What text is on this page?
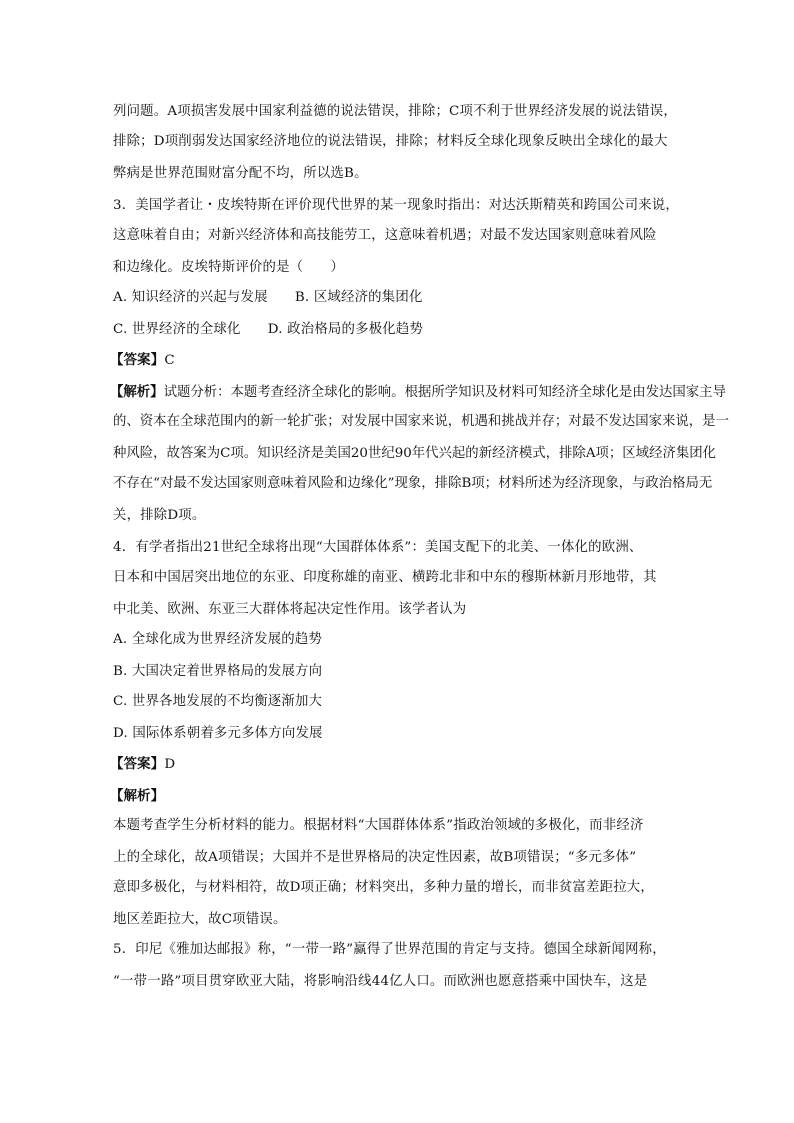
列问题。A项损害发展中国家利益德的说法错误，排除；C项不利于世界经济发展的说法错误，
排除；D项削弱发达国家经济地位的说法错误，排除；材料反全球化现象反映出全球化的最大
弊病是世界范围财富分配不均，所以选B。
3．美国学者让・皮埃特斯在评价现代世界的某一现象时指出：对达沃斯精英和跨国公司来说，
这意味着自由；对新兴经济体和高技能劳工，这意味着机遇；对最不发达国家则意味着风险
和边缘化。皮埃特斯评价的是（　　）
A. 知识经济的兴起与发展　　B. 区域经济的集团化
C. 世界经济的全球化　　D. 政治格局的多极化趋势
【答案】C
【解析】试题分析：本题考查经济全球化的影响。根据所学知识及材料可知经济全球化是由发达国家主导
的、资本在全球范围内的新一轮扩张；对发展中国家来说，机遇和挑战并存；对最不发达国家来说，是一
种风险，故答案为C项。知识经济是美国20世纪90年代兴起的新经济模式，排除A项；区域经济集团化
不存在“对最不发达国家则意味着风险和边缘化”现象，排除B项；材料所述为经济现象，与政治格局无
关，排除D项。
4．有学者指出21世纪全球将出现“大国群体体系”：美国支配下的北美、一体化的欧洲、
日本和中国居突出地位的东亚、印度称雄的南亚、横跨北非和中东的穆斯林新月形地带，其
中北美、欧洲、东亚三大群体将起决定性作用。该学者认为
A. 全球化成为世界经济发展的趋势
B. 大国决定着世界格局的发展方向
C. 世界各地发展的不均衡逐渐加大
D. 国际体系朝着多元多体方向发展
【答案】D
【解析】
本题考查学生分析材料的能力。根据材料“大国群体体系”指政治领域的多极化，而非经济
上的全球化，故A项错误；大国并不是世界格局的决定性因素，故B项错误；“多元多体”
意即多极化，与材料相符，故D项正确；材料突出，多种力量的增长，而非贫富差距拉大，
地区差距拉大，故C项错误。
5．印尼《雅加达邮报》称，“一带一路”赢得了世界范围的肯定与支持。德国全球新闻网称，
“一带一路”项目贯穿欧亚大陆，将影响沿线44亿人口。而欧洲也愿意搭乘中国快车，这是
